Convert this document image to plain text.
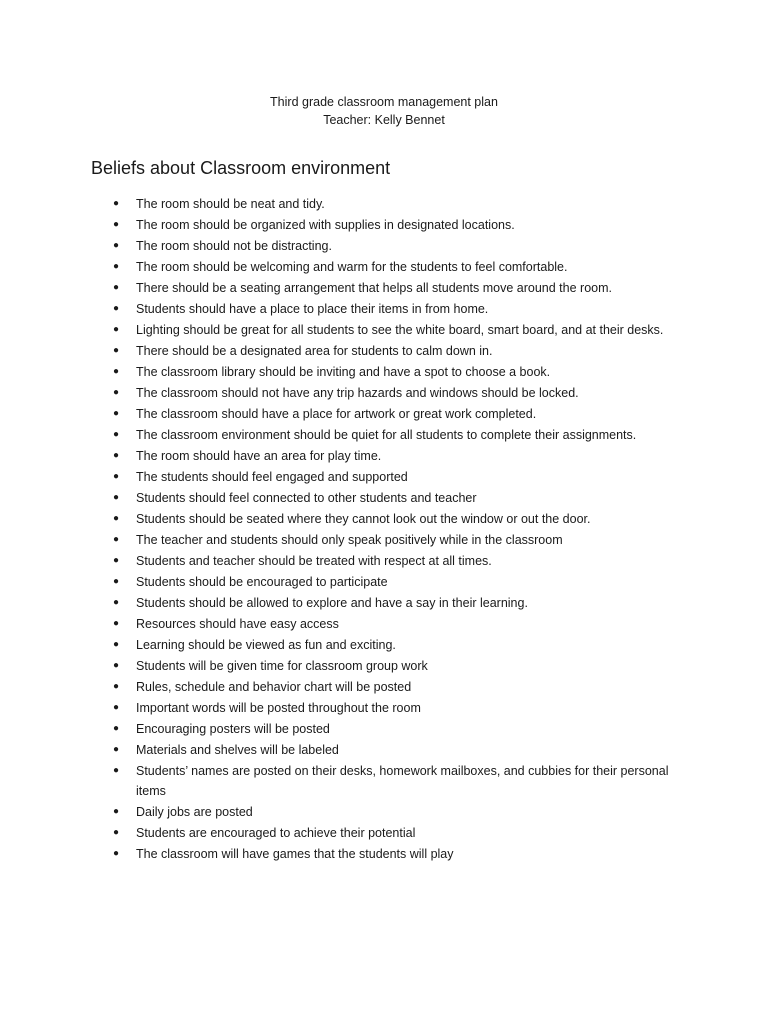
Third grade classroom management plan
Teacher: Kelly Bennet
Beliefs about Classroom environment
● The room should be neat and tidy.
● The room should be organized with supplies in designated locations.
● The room should not be distracting.
● The room should be welcoming and warm for the students to feel comfortable.
● There should be a seating arrangement that helps all students move around the room.
● Students should have a place to place their items in from home.
● Lighting should be great for all students to see the white board, smart board, and at their desks.
● There should be a designated area for students to calm down in.
● The classroom library should be inviting and have a spot to choose a book.
● The classroom should not have any trip hazards and windows should be locked.
● The classroom should have a place for artwork or great work completed.
● The classroom environment should be quiet for all students to complete their assignments.
● The room should have an area for play time.
● The students should feel engaged and supported
● Students should feel connected to other students and teacher
● Students should be seated where they cannot look out the window or out the door.
● The teacher and students should only speak positively while in the classroom
● Students and teacher should be treated with respect at all times.
● Students should be encouraged to participate
● Students should be allowed to explore and have a say in their learning.
● Resources should have easy access
● Learning should be viewed as fun and exciting.
● Students will be given time for classroom group work
● Rules, schedule and behavior chart will be posted
● Important words will be posted throughout the room
● Encouraging posters will be posted
● Materials and shelves will be labeled
● Students’ names are posted on their desks, homework mailboxes, and cubbies for their personal items
● Daily jobs are posted
● Students are encouraged to achieve their potential
● The classroom will have games that the students will play
